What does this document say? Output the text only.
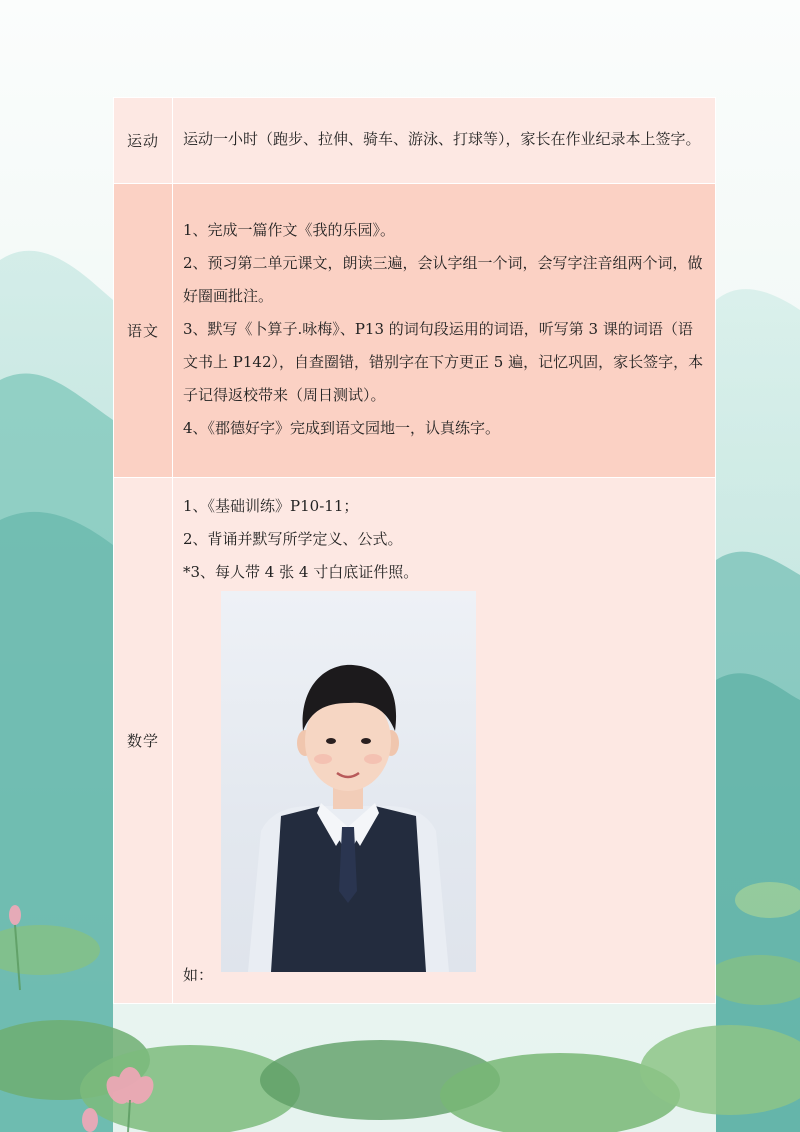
运动	运动一小时（跑步、拉伸、骑车、游泳、打球等），家长在作业纪录本上签字。

语文	1、完成一篇作文《我的乐园》。
2、预习第二单元课文，朗读三遍，会认字组一个词，会写字注音组两个词，做好圈画批注。
3、默写《卜算子.咏梅》、P13 的词句段运用的词语，听写第 3 课的词语（语文书上 P142），自查圈错，错别字在下方更正 5 遍，记忆巩固，家长签字，本子记得返校带来（周日测试）。
4、《郡德好字》完成到语文园地一，认真练字。

数学	1、《基础训练》P10-11；
2、背诵并默写所学定义、公式。
*3、每人带 4 张 4 寸白底证件照。
如：
